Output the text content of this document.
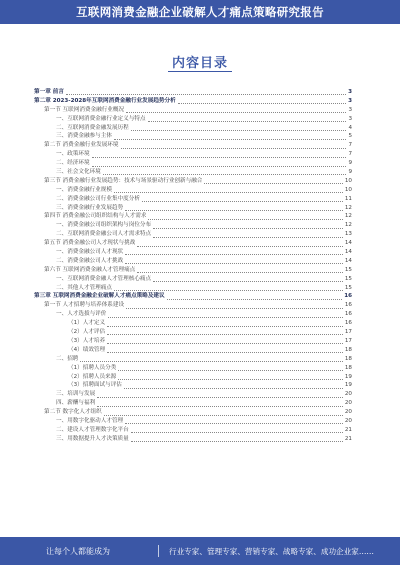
互联网消费金融企业破解人才痛点策略研究报告
内容目录
第一章 前言	3
第二章 2023-2028年互联网消费金融行业发展趋势分析	3
第一节 互联网消费金融行业概况	3
一、互联网消费金融行业定义与特点	3
二、互联网消费金融发展历程	4
三、消费金融参与主体	5
第二节 消费金融行业发展环境	7
一、政策环境	7
二、经济环境	9
三、社会文化环境	9
第三节 消费金融行业发展趋势：技术与场景驱动行业创新与融合	10
一、消费金融行业规模	10
二、消费金融公司行业集中度分析	11
三、消费金融行业发展趋势	12
第四节 消费金融公司组织结构与人才需求	12
一、消费金融公司组织架构与岗位分布	12
二、互联网消费金融公司人才需求特点	13
第五节 消费金融公司人才现状与挑战	14
一、消费金融公司人才现状	14
二、消费金融公司人才挑战	14
第六节 互联网消费金融人才管理痛点	15
一、互联网消费金融人才管理核心痛点	15
二、其他人才管理痛点	15
第三章 互联网消费金融企业破解人才痛点策略及建议	16
第一节 人才招聘与培养体系建设	16
一、人才选拔与评价	16
（1）人才定义	16
（2）人才评估	17
（3）人才培养	17
（4）绩效管理	18
二、招聘	18
（1）招聘人员分类	18
（2）招聘人员来源	19
（3）招聘面试与评估	19
三、培训与发展	20
四、薪酬与福利	20
第二节 数字化人才组织	20
一、用数字化驱动人才管理	20
二、建设人才管理数字化平台	21
三、用数据提升人才决策质量	21
让每个人都能成为	行业专家、管理专家、营销专家、战略专家、成功企业家……
